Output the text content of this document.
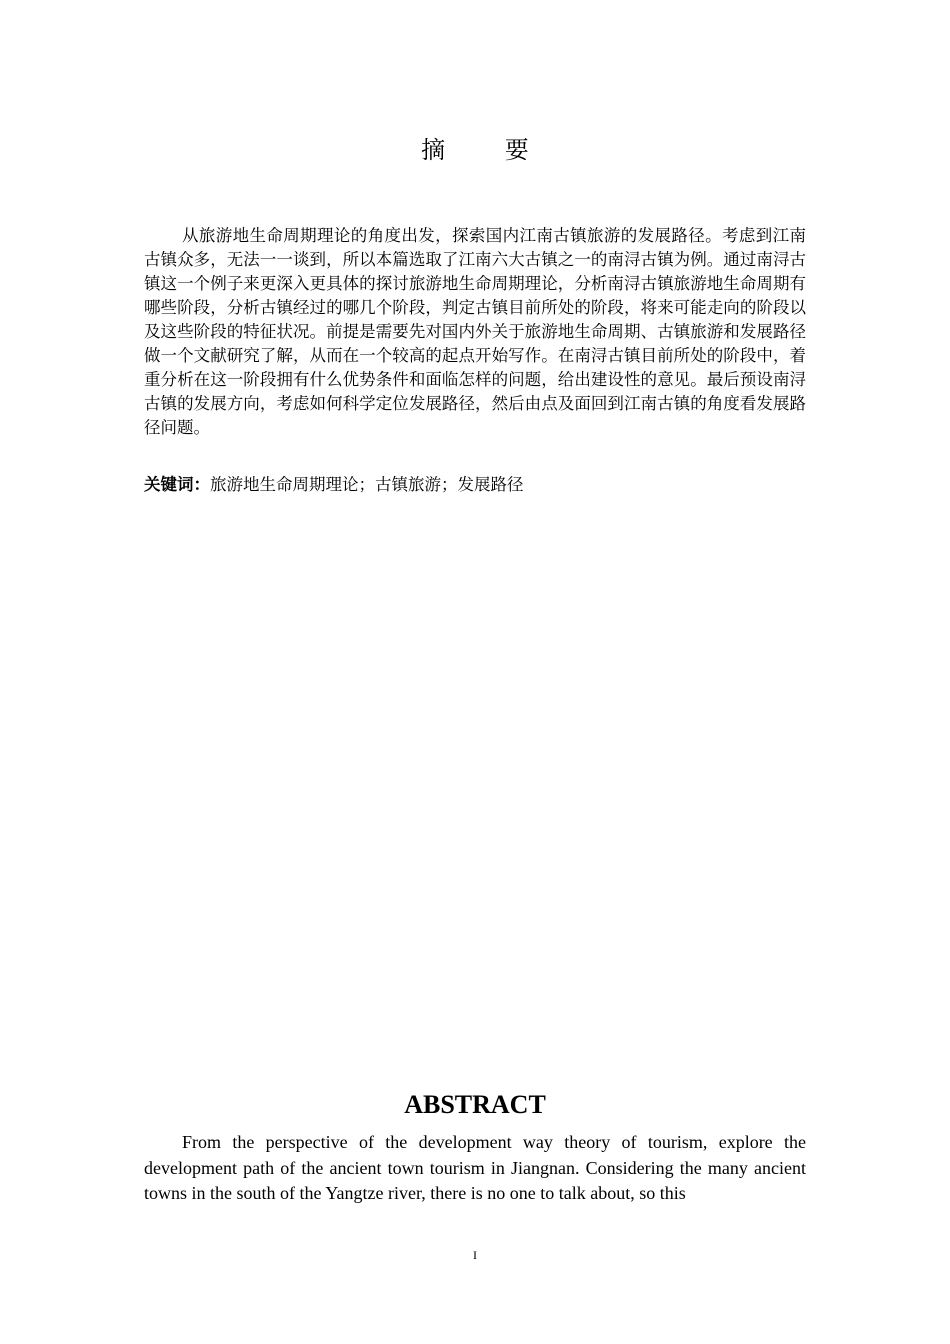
摘 要

从旅游地生命周期理论的角度出发，探索国内江南古镇旅游的发展路径。考虑到江南古镇众多，无法一一谈到，所以本篇选取了江南六大古镇之一的南浔古镇为例。通过南浔古镇这一个例子来更深入更具体的探讨旅游地生命周期理论，分析南浔古镇旅游地生命周期有哪些阶段，分析古镇经过的哪几个阶段，判定古镇目前所处的阶段，将来可能走向的阶段以及这些阶段的特征状况。前提是需要先对国内外关于旅游地生命周期、古镇旅游和发展路径做一个文献研究了解，从而在一个较高的起点开始写作。在南浔古镇目前所处的阶段中，着重分析在这一阶段拥有什么优势条件和面临怎样的问题，给出建设性的意见。最后预设南浔古镇的发展方向，考虑如何科学定位发展路径，然后由点及面回到江南古镇的角度看发展路径问题。

关键词：旅游地生命周期理论；古镇旅游；发展路径

ABSTRACT

From the perspective of the development way theory of tourism, explore the development path of the ancient town tourism in Jiangnan. Considering the many ancient towns in the south of the Yangtze river, there is no one to talk about, so this

I
